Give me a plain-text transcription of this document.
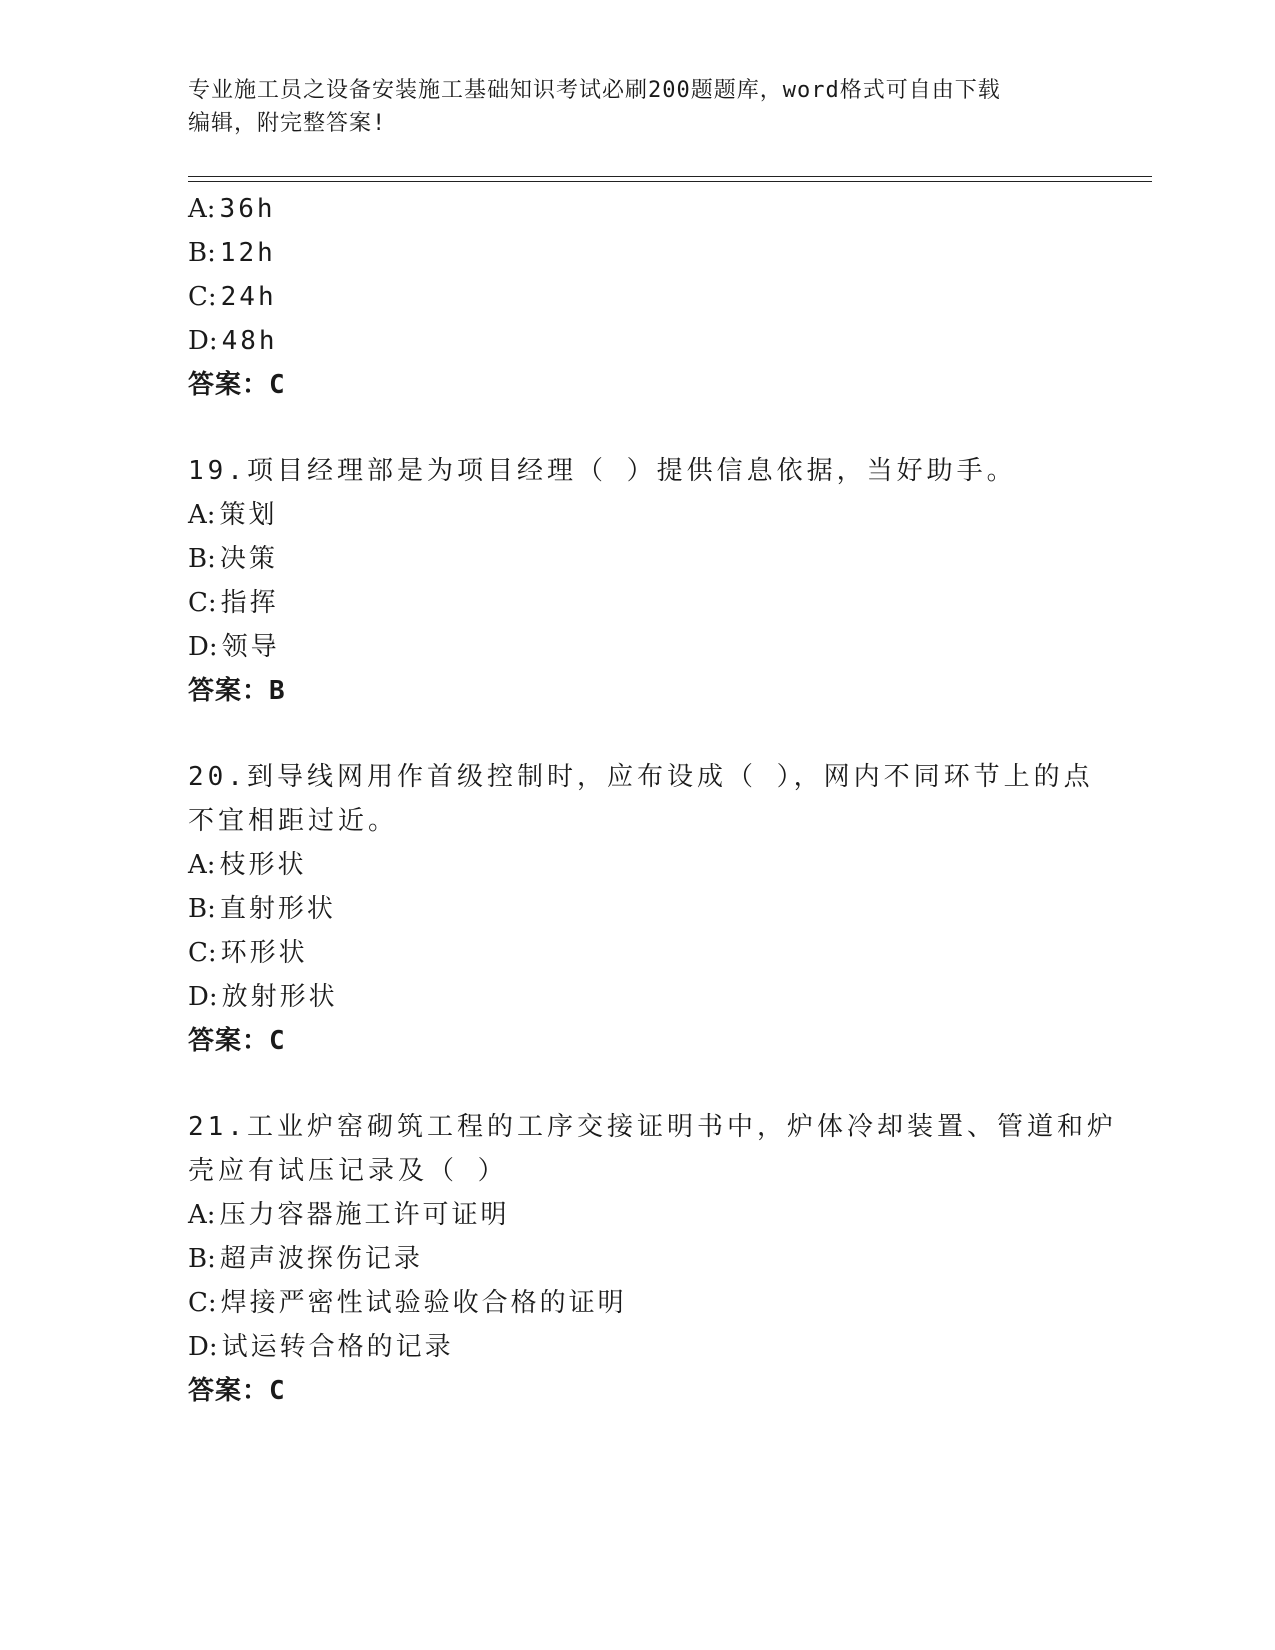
专业施工员之设备安装施工基础知识考试必刷200题题库，word格式可自由下载
编辑，附完整答案!
A: 36h
B: 12h
C: 24h
D: 48h
答案：C
19.项目经理部是为项目经理（ ）提供信息依据，当好助手。
A: 策划
B: 决策
C: 指挥
D: 领导
答案：B
20.到导线网用作首级控制时，应布设成（ ），网内不同环节上的点
不宜相距过近。
A: 枝形状
B: 直射形状
C: 环形状
D: 放射形状
答案：C
21.工业炉窑砌筑工程的工序交接证明书中，炉体冷却装置、管道和炉
壳应有试压记录及（ ）
A: 压力容器施工许可证明
B: 超声波探伤记录
C: 焊接严密性试验验收合格的证明
D: 试运转合格的记录
答案：C
